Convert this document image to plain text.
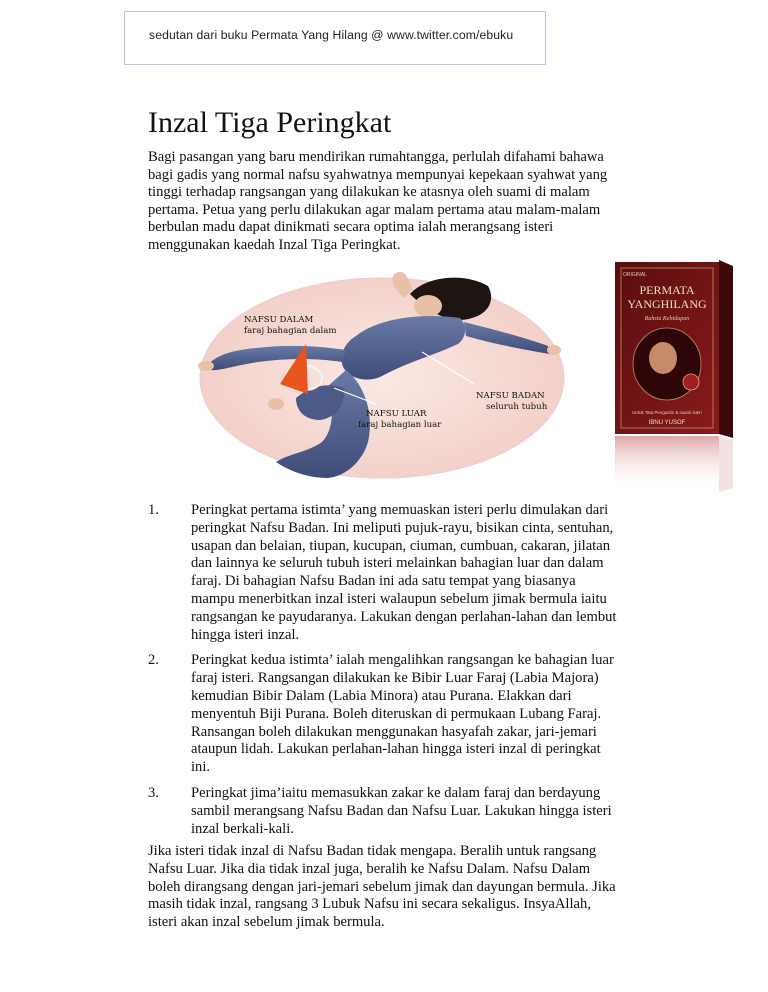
sedutan dari buku Permata Yang Hilang @ www.twitter.com/ebuku
Inzal Tiga Peringkat

Bagi pasangan yang baru mendirikan rumahtangga, perlulah difahami bahawa bagi gadis yang normal nafsu syahwatnya mempunyai kepekaan syahwat yang tinggi terhadap rangsangan yang dilakukan ke atasnya oleh suami di malam pertama. Petua yang perlu dilakukan agar malam pertama atau malam-malam berbulan madu dapat dinikmati secara optima ialah merangsang isteri menggunakan kaedah Inzal Tiga Peringkat.

NAFSU DALAM
faraj bahagian dalam
NAFSU BADAN
seluruh tubuh
NAFSU LUAR
faraj bahagian luar
ORIGINAL
PERMATA
YANGHILANG
Rahsia Kehidupan
Untuk Tata Pengantin & suami isteri
IBNU YUSOF
1. Peringkat pertama istimta’ yang memuaskan isteri perlu dimulakan dari peringkat Nafsu Badan. Ini meliputi pujuk-rayu, bisikan cinta, sentuhan, usapan dan belaian, tiupan, kucupan, ciuman, cumbuan, cakaran, jilatan dan lainnya ke seluruh tubuh isteri melainkan bahagian luar dan dalam faraj. Di bahagian Nafsu Badan ini ada satu tempat yang biasanya mampu menerbitkan inzal isteri walaupun sebelum jimak bermula iaitu rangsangan ke payudaranya. Lakukan dengan perlahan-lahan dan lembut hingga isteri inzal.
2. Peringkat kedua istimta’ ialah mengalihkan rangsangan ke bahagian luar faraj isteri. Rangsangan dilakukan ke Bibir Luar Faraj (Labia Majora) kemudian Bibir Dalam (Labia Minora) atau Purana. Elakkan dari menyentuh Biji Purana. Boleh diteruskan di permukaan Lubang Faraj. Ransangan boleh dilakukan menggunakan hasyafah zakar, jari-jemari ataupun lidah. Lakukan perlahan-lahan hingga isteri inzal di peringkat ini.
3. Peringkat jima’iaitu memasukkan zakar ke dalam faraj dan berdayung sambil merangsang Nafsu Badan dan Nafsu Luar. Lakukan hingga isteri inzal berkali-kali.

Jika isteri tidak inzal di Nafsu Badan tidak mengapa. Beralih untuk rangsang Nafsu Luar. Jika dia tidak inzal juga, beralih ke Nafsu Dalam. Nafsu Dalam boleh dirangsang dengan jari-jemari sebelum jimak dan dayungan bermula. Jika masih tidak inzal, rangsang 3 Lubuk Nafsu ini secara sekaligus. InsyaAllah, isteri akan inzal sebelum jimak bermula.
